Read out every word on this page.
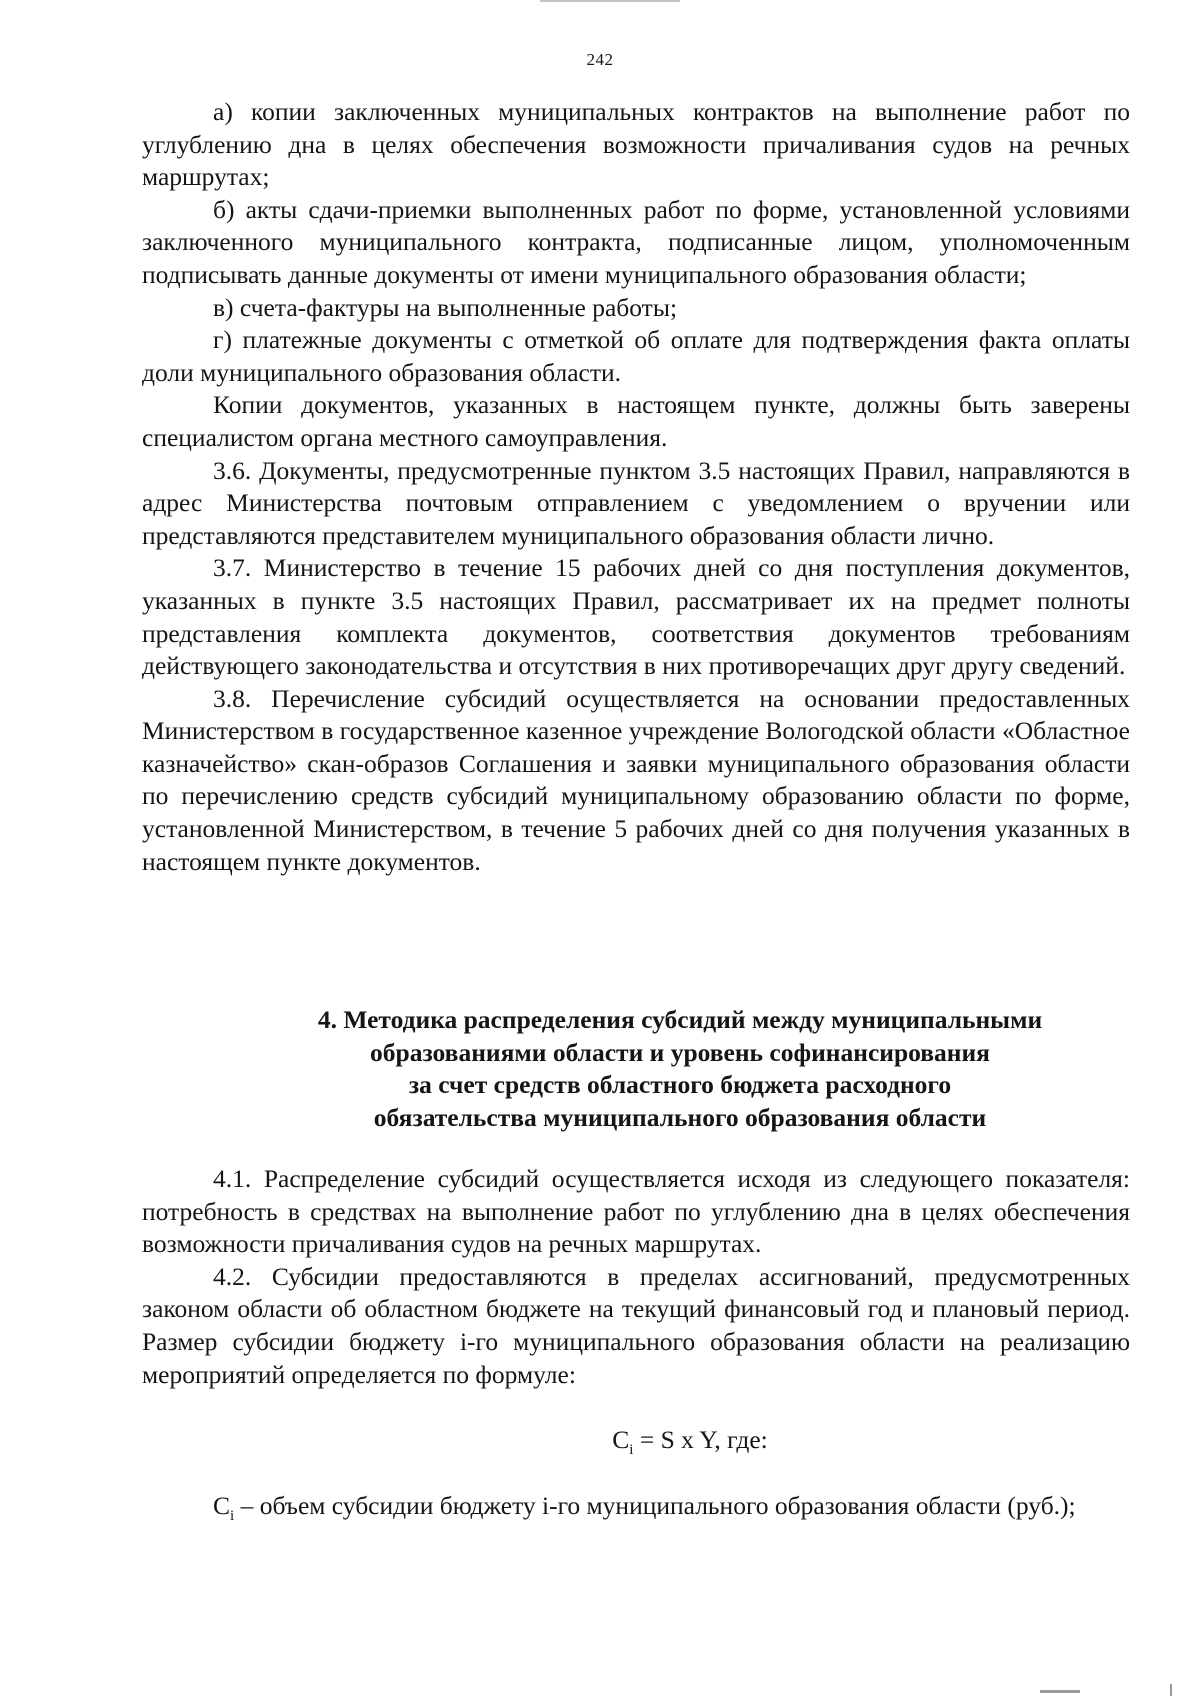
242

а) копии заключенных муниципальных контрактов на выполнение работ по углублению дна в целях обеспечения возможности причаливания судов на речных маршрутах;

б) акты сдачи-приемки выполненных работ по форме, установленной условиями заключенного муниципального контракта, подписанные лицом, уполномоченным подписывать данные документы от имени муниципального образования области;

в) счета-фактуры на выполненные работы;

г) платежные документы с отметкой об оплате для подтверждения факта оплаты доли муниципального образования области.

Копии документов, указанных в настоящем пункте, должны быть заверены специалистом органа местного самоуправления.

3.6. Документы, предусмотренные пунктом 3.5 настоящих Правил, направляются в адрес Министерства почтовым отправлением с уведомлением о вручении или представляются представителем муниципального образования области лично.

3.7. Министерство в течение 15 рабочих дней со дня поступления документов, указанных в пункте 3.5 настоящих Правил, рассматривает их на предмет полноты представления комплекта документов, соответствия документов требованиям действующего законодательства и отсутствия в них противоречащих друг другу сведений.

3.8. Перечисление субсидий осуществляется на основании предоставленных Министерством в государственное казенное учреждение Вологодской области «Областное казначейство» скан-образов Соглашения и заявки муниципального образования области по перечислению средств субсидий муниципальному образованию области по форме, установленной Министерством, в течение 5 рабочих дней со дня получения указанных в настоящем пункте документов.

4. Методика распределения субсидий между муниципальными
образованиями области и уровень софинансирования
за счет средств областного бюджета расходного
обязательства муниципального образования области

4.1. Распределение субсидий осуществляется исходя из следующего показателя: потребность в средствах на выполнение работ по углублению дна в целях обеспечения возможности причаливания судов на речных маршрутах.

4.2. Субсидии предоставляются в пределах ассигнований, предусмотренных законом области об областном бюджете на текущий финансовый год и плановый период. Размер субсидии бюджету i-го муниципального образования области на реализацию мероприятий определяется по формуле:

$C_i = S$ x Y, где:
$C_i$ – объем субсидии бюджету i-го муниципального образования области (руб.);
